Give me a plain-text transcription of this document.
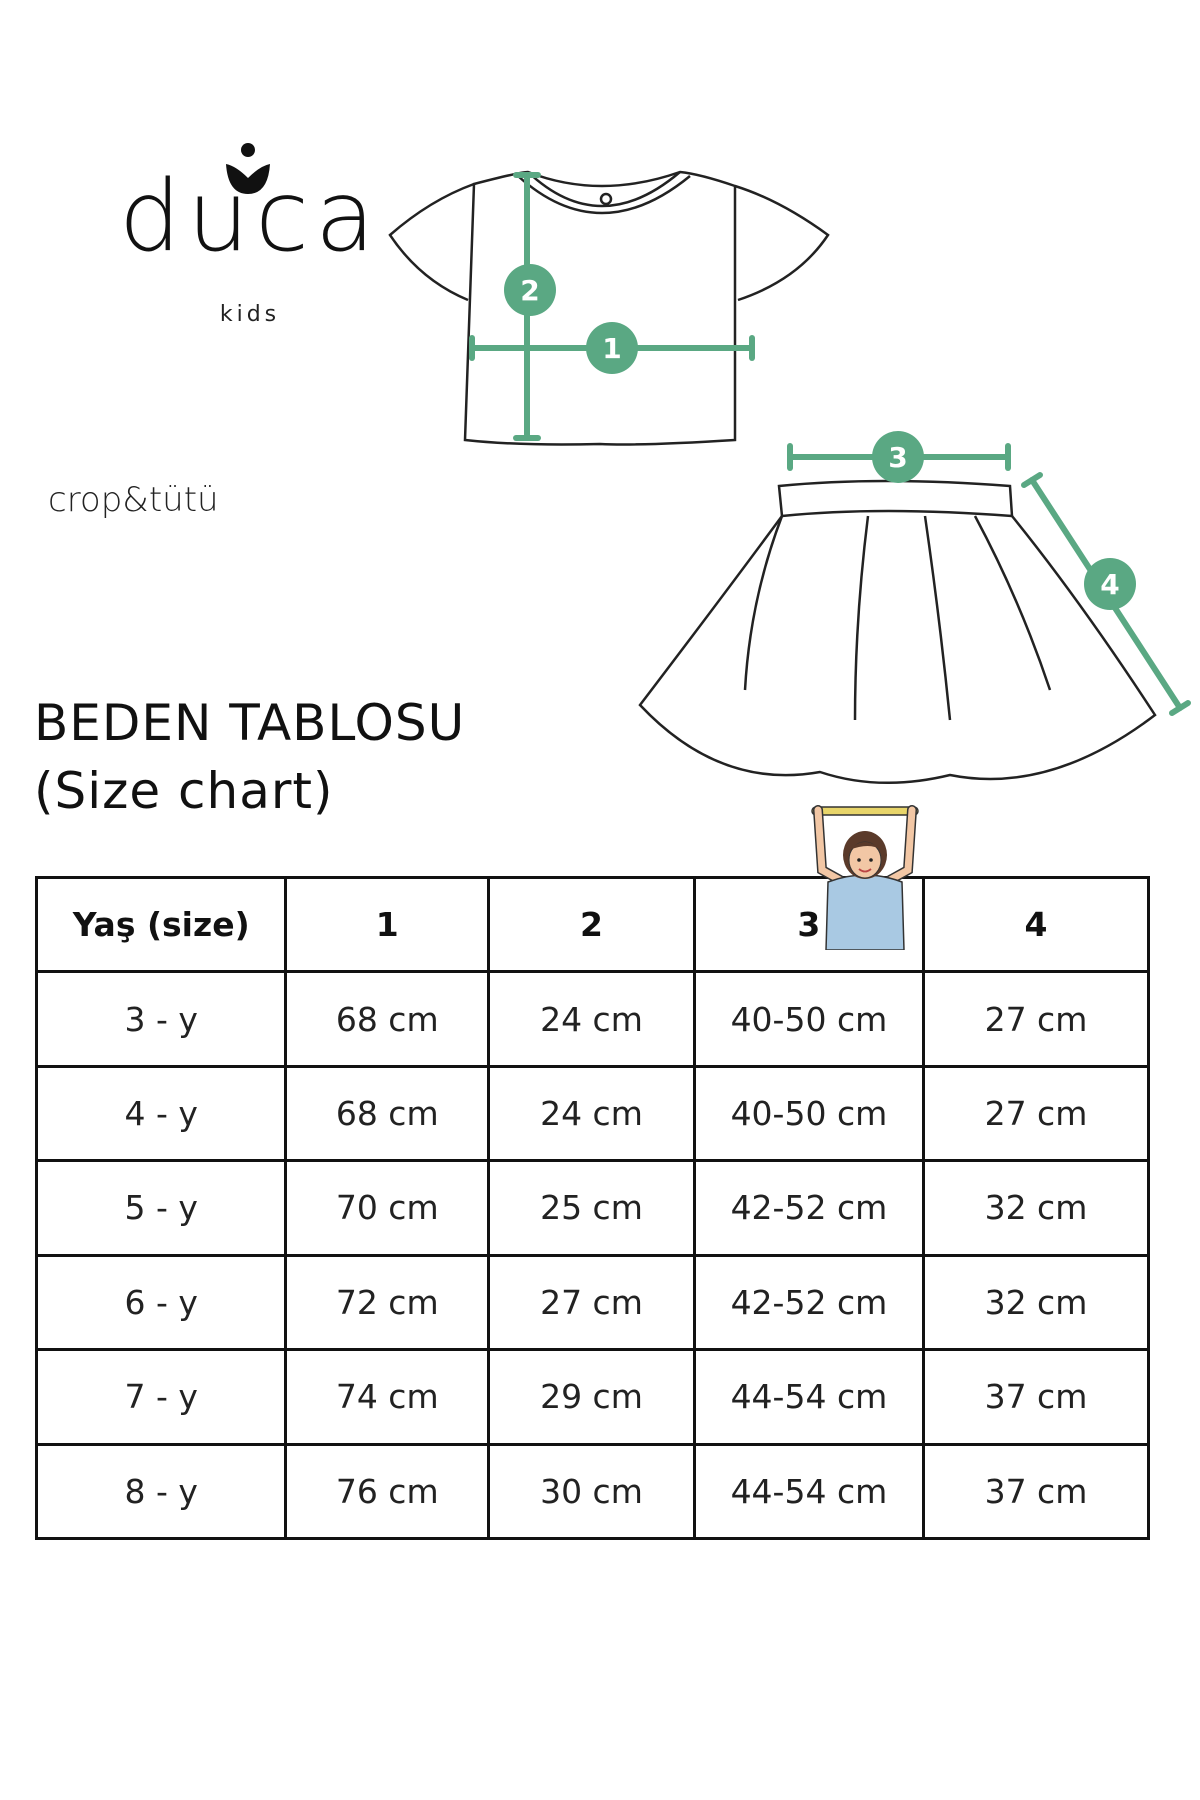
1
2
3
4
duca
kids
crop&tütü
BEDEN TABLOSU
(Size chart)
Yaş (size)	1	2	3	4
3 - y	68 cm	24 cm	40-50 cm	27 cm
4 - y	68 cm	24 cm	40-50 cm	27 cm
5 - y	70 cm	25 cm	42-52 cm	32 cm
6 - y	72 cm	27 cm	42-52 cm	32 cm
7 - y	74 cm	29 cm	44-54 cm	37 cm
8 - y	76 cm	30 cm	44-54 cm	37 cm
